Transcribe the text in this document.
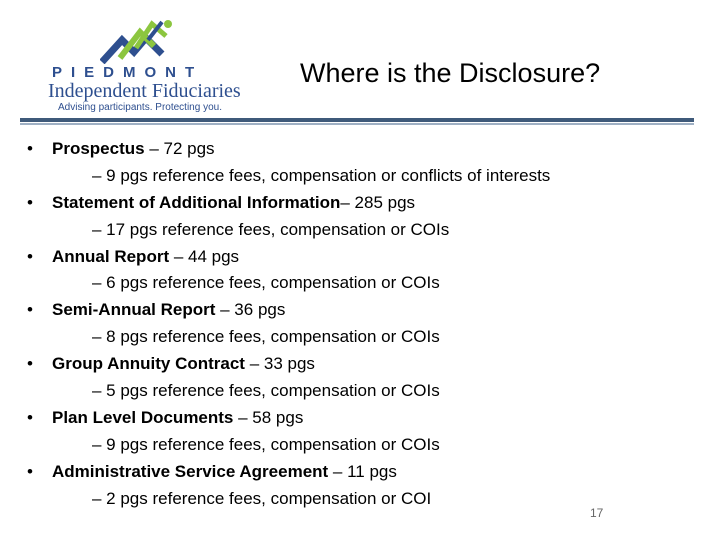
PIEDMONT
Independent Fiduciaries
Advising participants. Protecting you.
Where is the Disclosure?
• Prospectus – 72 pgs
– 9 pgs reference fees, compensation or conflicts of interests
• Statement of Additional Information– 285 pgs
– 17 pgs reference fees, compensation or COIs
• Annual Report – 44 pgs
– 6 pgs reference fees, compensation or COIs
• Semi-Annual Report – 36 pgs
– 8 pgs reference fees, compensation or COIs
• Group Annuity Contract – 33 pgs
– 5 pgs reference fees, compensation or COIs
• Plan Level Documents – 58 pgs
– 9 pgs reference fees, compensation or COIs
• Administrative Service Agreement – 11 pgs
– 2 pgs reference fees, compensation or COI
17
